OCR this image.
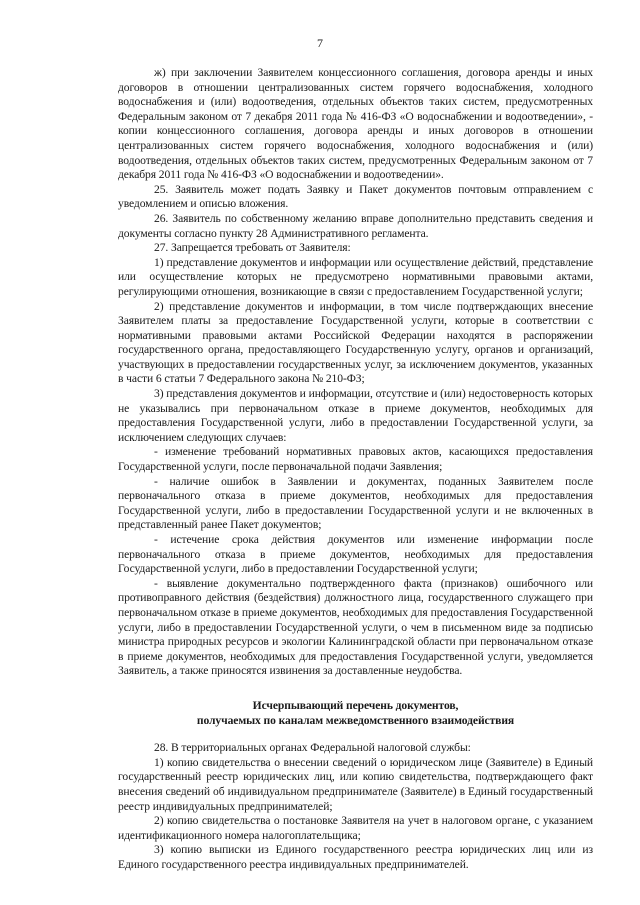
7

ж) при заключении Заявителем концессионного соглашения, договора аренды и иных договоров в отношении централизованных систем горячего водоснабжения, холодного водоснабжения и (или) водоотведения, отдельных объектов таких систем, предусмотренных Федеральным законом от 7 декабря 2011 года № 416-ФЗ «О водоснабжении и водоотведении», - копии концессионного соглашения, договора аренды и иных договоров в отношении централизованных систем горячего водоснабжения, холодного водоснабжения и (или) водоотведения, отдельных объектов таких систем, предусмотренных Федеральным законом от 7 декабря 2011 года № 416-ФЗ «О водоснабжении и водоотведении».

25. Заявитель может подать Заявку и Пакет документов почтовым отправлением с уведомлением и описью вложения.

26. Заявитель по собственному желанию вправе дополнительно представить сведения и документы согласно пункту 28 Административного регламента.

27. Запрещается требовать от Заявителя:

1) представление документов и информации или осуществление действий, представление или осуществление которых не предусмотрено нормативными правовыми актами, регулирующими отношения, возникающие в связи с предоставлением Государственной услуги;

2) представление документов и информации, в том числе подтверждающих внесение Заявителем платы за предоставление Государственной услуги, которые в соответствии с нормативными правовыми актами Российской Федерации находятся в распоряжении государственного органа, предоставляющего Государственную услугу, органов и организаций, участвующих в предоставлении государственных услуг, за исключением документов, указанных в части 6 статьи 7 Федерального закона № 210-ФЗ;

3) представления документов и информации, отсутствие и (или) недостоверность которых не указывались при первоначальном отказе в приеме документов, необходимых для предоставления Государственной услуги, либо в предоставлении Государственной услуги, за исключением следующих случаев:

- изменение требований нормативных правовых актов, касающихся предоставления Государственной услуги, после первоначальной подачи Заявления;

- наличие ошибок в Заявлении и документах, поданных Заявителем после первоначального отказа в приеме документов, необходимых для предоставления Государственной услуги, либо в предоставлении Государственной услуги и не включенных в представленный ранее Пакет документов;

- истечение срока действия документов или изменение информации после первоначального отказа в приеме документов, необходимых для предоставления Государственной услуги, либо в предоставлении Государственной услуги;

- выявление документально подтвержденного факта (признаков) ошибочного или противоправного действия (бездействия) должностного лица, государственного служащего при первоначальном отказе в приеме документов, необходимых для предоставления Государственной услуги, либо в предоставлении Государственной услуги, о чем в письменном виде за подписью министра природных ресурсов и экологии Калининградской области при первоначальном отказе в приеме документов, необходимых для предоставления Государственной услуги, уведомляется Заявитель, а также приносятся извинения за доставленные неудобства.

Исчерпывающий перечень документов,
получаемых по каналам межведомственного взаимодействия

28. В территориальных органах Федеральной налоговой службы:

1) копию свидетельства о внесении сведений о юридическом лице (Заявителе) в Единый государственный реестр юридических лиц, или копию свидетельства, подтверждающего факт внесения сведений об индивидуальном предпринимателе (Заявителе) в Единый государственный реестр индивидуальных предпринимателей;

2) копию свидетельства о постановке Заявителя на учет в налоговом органе, с указанием идентификационного номера налогоплательщика;

3) копию выписки из Единого государственного реестра юридических лиц или из Единого государственного реестра индивидуальных предпринимателей.
